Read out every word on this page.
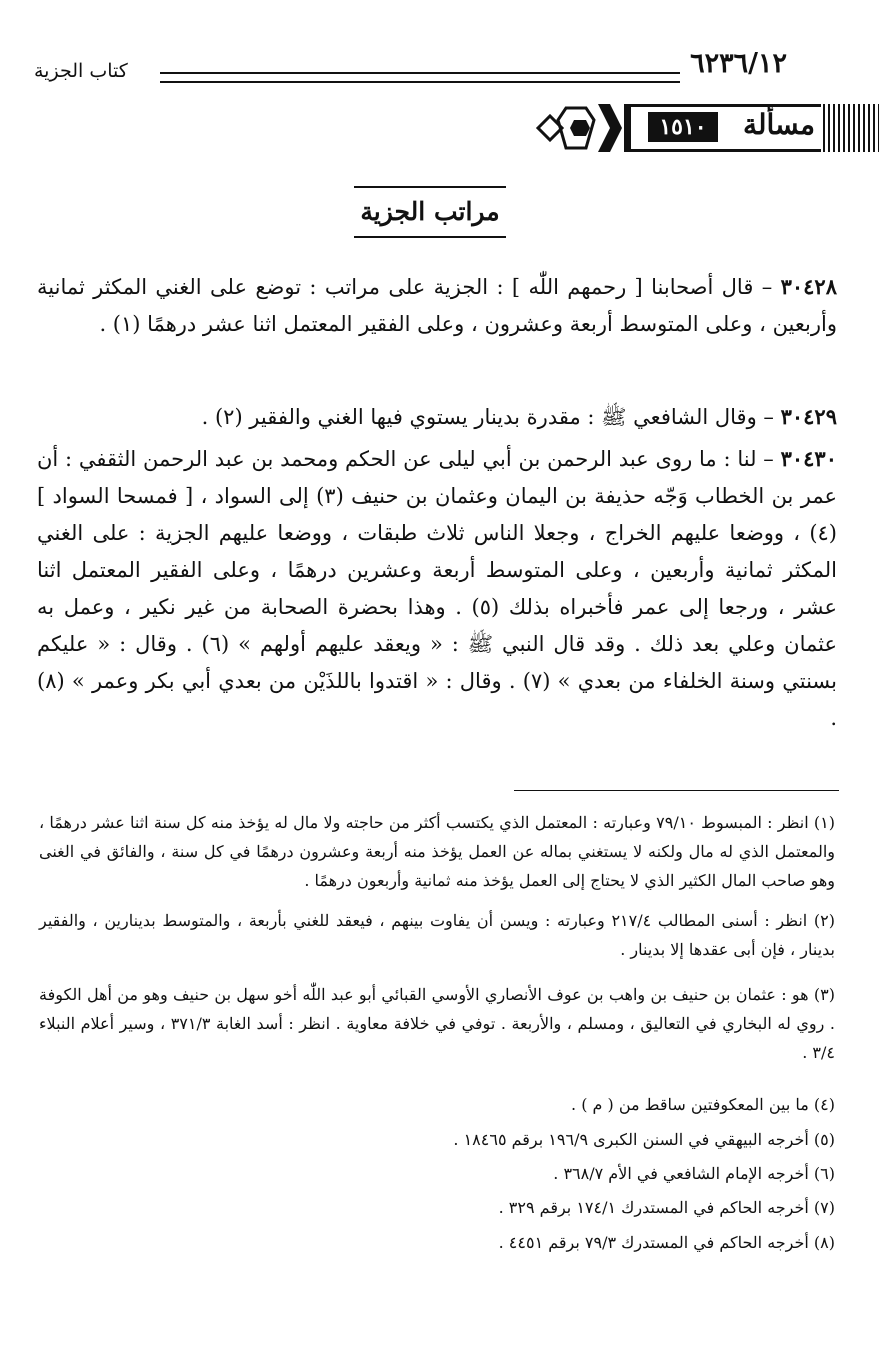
٦٢٣٦/١٢
كتاب الجزية
١٥١٠	مسألة
مراتب الجزية
٣٠٤٢٨ – قال أصحابنا [ رحمهم اللّٰه ] : الجزية على مراتب : توضع على الغني المكثر ثمانية وأربعين ، وعلى المتوسط أربعة وعشرون ، وعلى الفقير المعتمل اثنا عشر درهمًا (١) .
٣٠٤٢٩ – وقال الشافعي ﷺ : مقدرة بدينار يستوي فيها الغني والفقير (٢) .
٣٠٤٣٠ – لنا : ما روى عبد الرحمن بن أبي ليلى عن الحكم ومحمد بن عبد الرحمن الثقفي : أن عمر بن الخطاب وَجّه حذيفة بن اليمان وعثمان بن حنيف (٣) إلى السواد ، [ فمسحا السواد ] (٤) ، ووضعا عليهم الخراج ، وجعلا الناس ثلاث طبقات ، ووضعا عليهم الجزية : على الغني المكثر ثمانية وأربعين ، وعلى المتوسط أربعة وعشرين درهمًا ، وعلى الفقير المعتمل اثنا عشر ، ورجعا إلى عمر فأخبراه بذلك (٥) . وهذا بحضرة الصحابة من غير نكير ، وعمل به عثمان وعلي بعد ذلك . وقد قال النبي ﷺ : « ويعقد عليهم أولهم » (٦) . وقال : « عليكم بسنتي وسنة الخلفاء من بعدي » (٧) . وقال : « اقتدوا باللذَيْن من بعدي أبي بكر وعمر » (٨) .
(١) انظر : المبسوط ٧٩/١٠ وعبارته : المعتمل الذي يكتسب أكثر من حاجته ولا مال له يؤخذ منه كل سنة اثنا عشر درهمًا ، والمعتمل الذي له مال ولكنه لا يستغني بماله عن العمل يؤخذ منه أربعة وعشرون درهمًا في كل سنة ، والفائق في الغنى وهو صاحب المال الكثير الذي لا يحتاج إلى العمل يؤخذ منه ثمانية وأربعون درهمًا .
(٢) انظر : أسنى المطالب ٢١٧/٤ وعبارته : ويسن أن يفاوت بينهم ، فيعقد للغني بأربعة ، والمتوسط بدينارين ، والفقير بدينار ، فإن أبى عقدها إلا بدينار .
(٣) هو : عثمان بن حنيف بن واهب بن عوف الأنصاري الأوسي القبائي أبو عبد اللّٰه أخو سهل بن حنيف وهو من أهل الكوفة . روي له البخاري في التعاليق ، ومسلم ، والأربعة . توفي في خلافة معاوية . انظر : أسد الغابة ٣٧١/٣ ، وسير أعلام النبلاء ٣/٤ .
(٤) ما بين المعكوفتين ساقط من ( م ) .
(٥) أخرجه البيهقي في السنن الكبرى ١٩٦/٩ برقم ١٨٤٦٥ .
(٦) أخرجه الإمام الشافعي في الأم ٣٦٨/٧ .
(٧) أخرجه الحاكم في المستدرك ١٧٤/١ برقم ٣٢٩ .
(٨) أخرجه الحاكم في المستدرك ٧٩/٣ برقم ٤٤٥١ .
